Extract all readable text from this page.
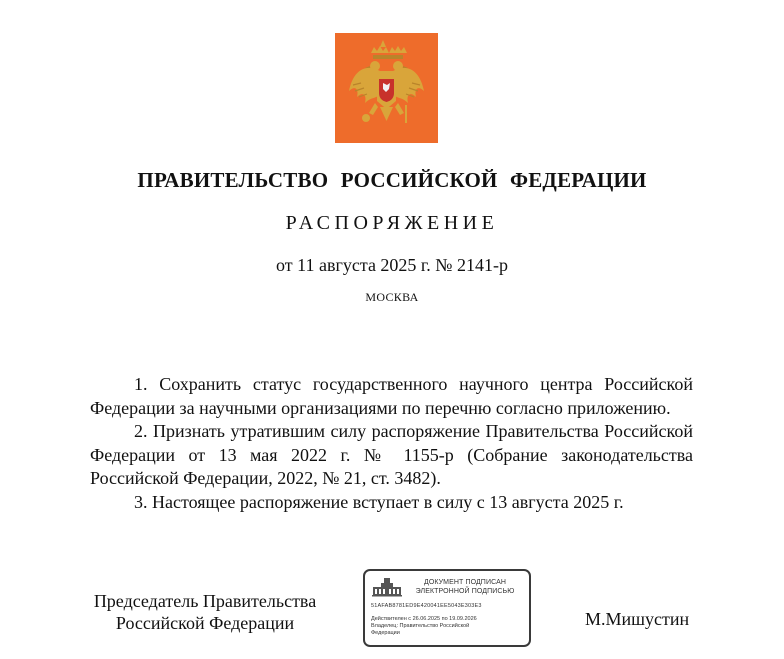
ПРАВИТЕЛЬСТВО РОССИЙСКОЙ ФЕДЕРАЦИИ
РАСПОРЯЖЕНИЕ
от 11 августа 2025 г. № 2141-р
МОСКВА

1. Сохранить статус государственного научного центра Российской Федерации за научными организациями по перечню согласно приложению.

2. Признать утратившим силу распоряжение Правительства Российской Федерации от 13 мая 2022 г. № 1155-р (Собрание законодательства Российской Федерации, 2022, № 21, ст. 3482).

3. Настоящее распоряжение вступает в силу с 13 августа 2025 г.

Председатель Правительства
Российской Федерации
ДОКУМЕНТ ПОДПИСАН
ЭЛЕКТРОННОЙ ПОДПИСЬЮ
51AFAB8781ED9E420041EE5043E303E3
Действителен с 26.06.2025 по 19.09.2026
Владелец: Правительство Российской
Федерации
М.Мишустин
